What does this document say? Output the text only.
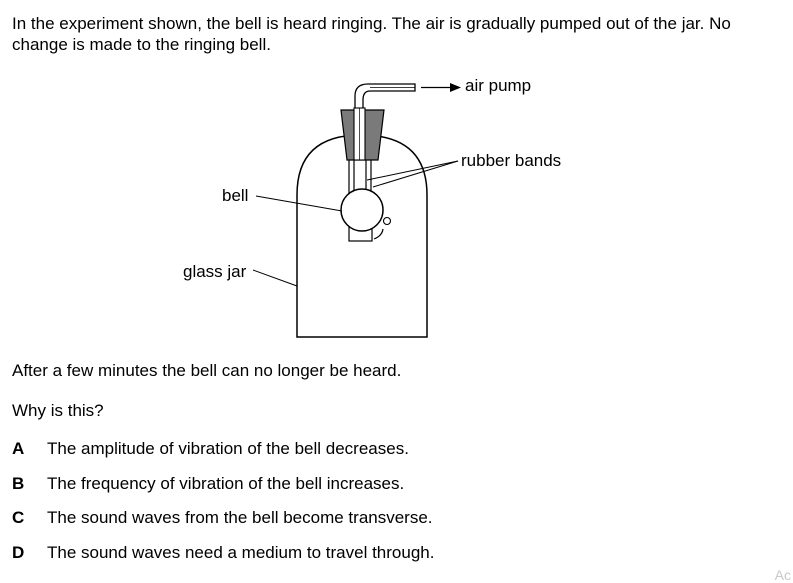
In the experiment shown, the bell is heard ringing. The air is gradually pumped out of the jar. No change is made to the ringing bell.

air pump
rubber bands
bell
glass jar

After a few minutes the bell can no longer be heard.

Why is this?

A	The amplitude of vibration of the bell decreases.
B	The frequency of vibration of the bell increases.
C	The sound waves from the bell become transverse.
D	The sound waves need a medium to travel through.
Ac
